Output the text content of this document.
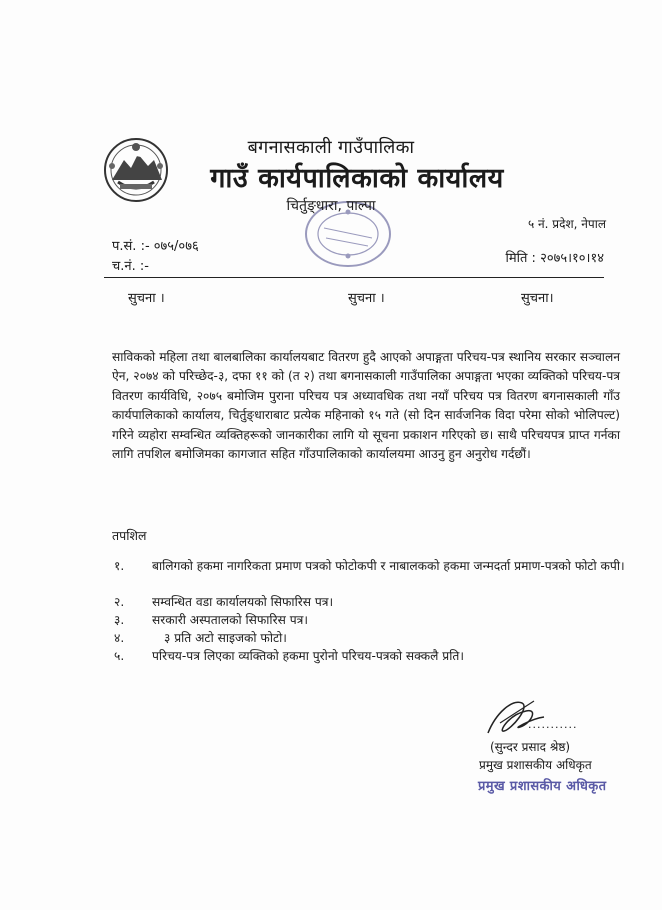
बगनासकाली गाउँपालिका
गाउँ कार्यपालिकाको कार्यालय
चिर्तुङ्धारा, पाल्पा
५ नं. प्रदेश, नेपाल
प.सं. :- ०७५/०७६
च.नं. :-
मिति : २०७५।१०।१४
सुचना ।	सुचना ।	सुचना।
साविकको महिला तथा बालबालिका कार्यालयबाट वितरण हुदै आएको अपाङ्गता परिचय-पत्र स्थानिय सरकार सञ्चालन ऐन, २०७४ को परिच्छेद-३, दफा ११ को (त २) तथा बगनासकाली गाउँपालिका अपाङ्गता भएका व्यक्तिको परिचय-पत्र वितरण कार्यविधि, २०७५ बमोजिम पुराना परिचय पत्र अध्यावधिक तथा नयाँ परिचय पत्र वितरण बगनासकाली गाँउ कार्यपालिकाको कार्यालय, चिर्तुङ्धाराबाट प्रत्येक महिनाको १५ गते (सो दिन सार्वजनिक विदा परेमा सोको भोलिपल्ट) गरिने व्यहोरा सम्वन्धित व्यक्तिहरूको जानकारीका लागि यो सूचना प्रकाशन गरिएको छ। साथै परिचयपत्र प्राप्त गर्नका लागि तपशिल बमोजिमका कागजात सहित गाँउपालिकाको कार्यालयमा आउनु हुन अनुरोध गर्दछौं।
तपशिल
१. बालिगको हकमा नागरिकता प्रमाण पत्रको फोटोकपी र नाबालकको हकमा जन्मदर्ता प्रमाण-पत्रको फोटो कपी।
२. सम्वन्धित वडा कार्यालयको सिफारिस पत्र।
३. सरकारी अस्पतालको सिफारिस पत्र।
४.	३ प्रति अटो साइजको फोटो।
५. परिचय-पत्र लिएका व्यक्तिको हकमा पुरोनो परिचय-पत्रको सक्कलै प्रति।
...........
(सुन्दर प्रसाद श्रेष्ठ)
प्रमुख प्रशासकीय अधिकृत
प्रमुख प्रशासकीय अधिकृत
